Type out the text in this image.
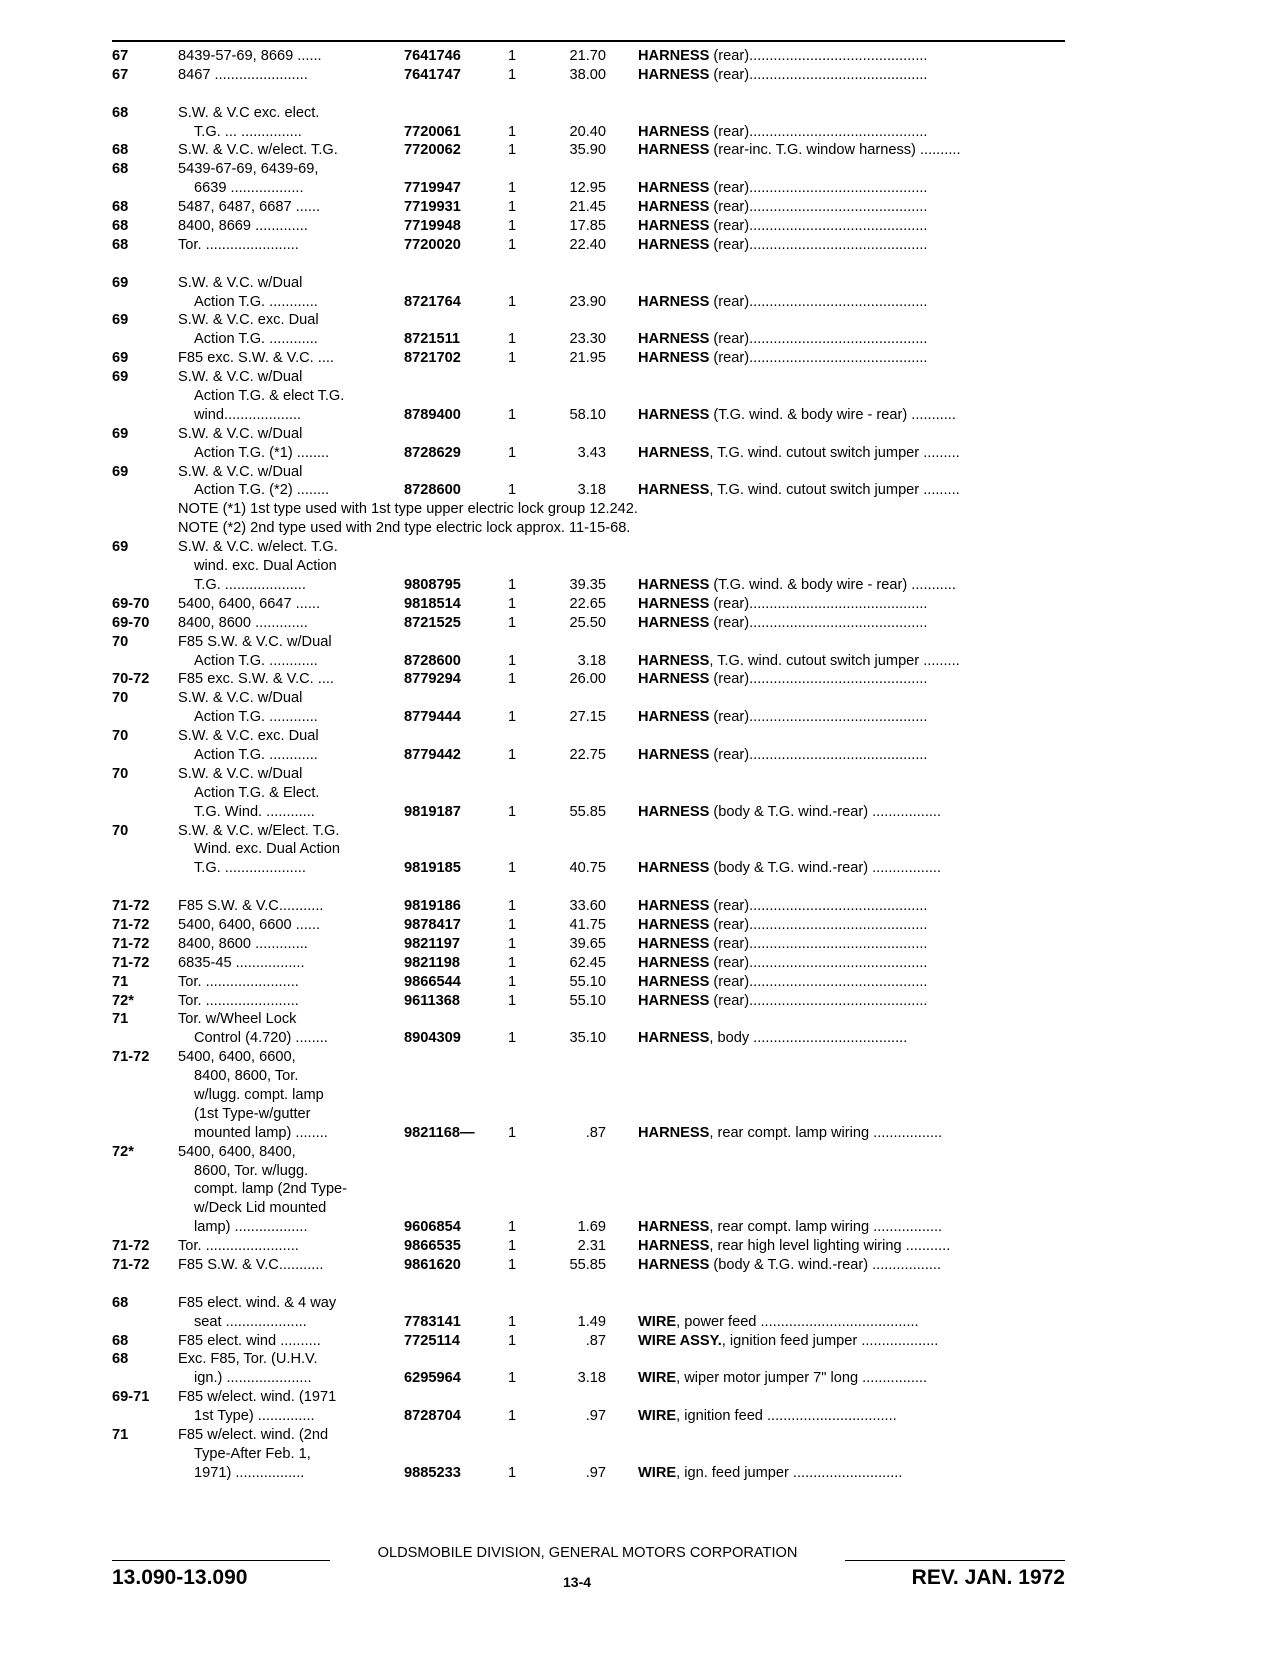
67	8439-57-69, 8669 ......	7641746	1	21.70 HARNESS (rear)............................................
67	8467 .......................	7641747	1	38.00 HARNESS (rear)............................................
68	S.W. & V.C exc. elect.
T.G. ... ...............	7720061	1	20.40 HARNESS (rear)............................................
68	S.W. & V.C. w/elect. T.G.	7720062	1	35.90 HARNESS (rear-inc. T.G. window harness) ..........
68	5439-67-69, 6439-69,
6639 ..................	7719947	1	12.95 HARNESS (rear)............................................
68	5487, 6487, 6687 ......	7719931	1	21.45 HARNESS (rear)............................................
68	8400, 8669 .............	7719948	1	17.85 HARNESS (rear)............................................
68	Tor. .......................	7720020	1	22.40 HARNESS (rear)............................................
69	S.W. & V.C. w/Dual
Action T.G. ............	8721764	1	23.90 HARNESS (rear)............................................
69	S.W. & V.C. exc. Dual
Action T.G. ............	8721511	1	23.30 HARNESS (rear)............................................
69	F85 exc. S.W. & V.C. ....	8721702	1	21.95 HARNESS (rear)............................................
69	S.W. & V.C. w/Dual
Action T.G. & elect T.G.
wind...................	8789400	1	58.10 HARNESS (T.G. wind. & body wire - rear) ...........
69	S.W. & V.C. w/Dual
Action T.G. (*1) ........	8728629	1	3.43 HARNESS, T.G. wind. cutout switch jumper .........
69	S.W. & V.C. w/Dual
Action T.G. (*2) ........	8728600	1	3.18 HARNESS, T.G. wind. cutout switch jumper .........
NOTE (*1) 1st type used with 1st type upper electric lock group 12.242.
NOTE (*2) 2nd type used with 2nd type electric lock approx. 11-15-68.
69	S.W. & V.C. w/elect. T.G.
wind. exc. Dual Action
T.G. ....................	9808795	1	39.35 HARNESS (T.G. wind. & body wire - rear) ...........
69-70	5400, 6400, 6647 ......	9818514	1	22.65 HARNESS (rear)............................................
69-70	8400, 8600 .............	8721525	1	25.50 HARNESS (rear)............................................
70	F85 S.W. & V.C. w/Dual
Action T.G. ............	8728600	1	3.18 HARNESS, T.G. wind. cutout switch jumper .........
70-72	F85 exc. S.W. & V.C. ....	8779294	1	26.00 HARNESS (rear)............................................
70	S.W. & V.C. w/Dual
Action T.G. ............	8779444	1	27.15 HARNESS (rear)............................................
70	S.W. & V.C. exc. Dual
Action T.G. ............	8779442	1	22.75 HARNESS (rear)............................................
70	S.W. & V.C. w/Dual
Action T.G. & Elect.
T.G. Wind. ............	9819187	1	55.85 HARNESS (body & T.G. wind.-rear) .................
70	S.W. & V.C. w/Elect. T.G.
Wind. exc. Dual Action
T.G. ....................	9819185	1	40.75 HARNESS (body & T.G. wind.-rear) .................
71-72	F85 S.W. & V.C...........	9819186	1	33.60 HARNESS (rear)............................................
71-72	5400, 6400, 6600 ......	9878417	1	41.75 HARNESS (rear)............................................
71-72	8400, 8600 .............	9821197	1	39.65 HARNESS (rear)............................................
71-72	6835-45 .................	9821198	1	62.45 HARNESS (rear)............................................
71	Tor. .......................	9866544	1	55.10 HARNESS (rear)............................................
72*	Tor. .......................	9611368	1	55.10 HARNESS (rear)............................................
71	Tor. w/Wheel Lock
Control (4.720) ........	8904309	1	35.10 HARNESS, body ......................................
71-72	5400, 6400, 6600,
8400, 8600, Tor.
w/lugg. compt. lamp
(1st Type-w/gutter
mounted lamp) ........	9821168—	1	.87 HARNESS, rear compt. lamp wiring .................
72*	5400, 6400, 8400,
8600, Tor. w/lugg.
compt. lamp (2nd Type-
w/Deck Lid mounted
lamp) ..................	9606854	1	1.69 HARNESS, rear compt. lamp wiring .................
71-72	Tor. .......................	9866535	1	2.31 HARNESS, rear high level lighting wiring ...........
71-72	F85 S.W. & V.C...........	9861620	1	55.85 HARNESS (body & T.G. wind.-rear) .................
68	F85 elect. wind. & 4 way
seat ....................	7783141	1	1.49 WIRE, power feed .......................................
68	F85 elect. wind ..........	7725114	1	.87 WIRE ASSY., ignition feed jumper ...................
68	Exc. F85, Tor. (U.H.V.
ign.) .....................	6295964	1	3.18 WIRE, wiper motor jumper 7" long ................
69-71	F85 w/elect. wind. (1971
1st Type) ..............	8728704	1	.97 WIRE, ignition feed ................................
71	F85 w/elect. wind. (2nd
Type-After Feb. 1,
1971) .................	9885233	1	.97 WIRE, ign. feed jumper ...........................
OLDSMOBILE DIVISION, GENERAL MOTORS CORPORATION
13.090-13.090	13-4	REV. JAN. 1972
